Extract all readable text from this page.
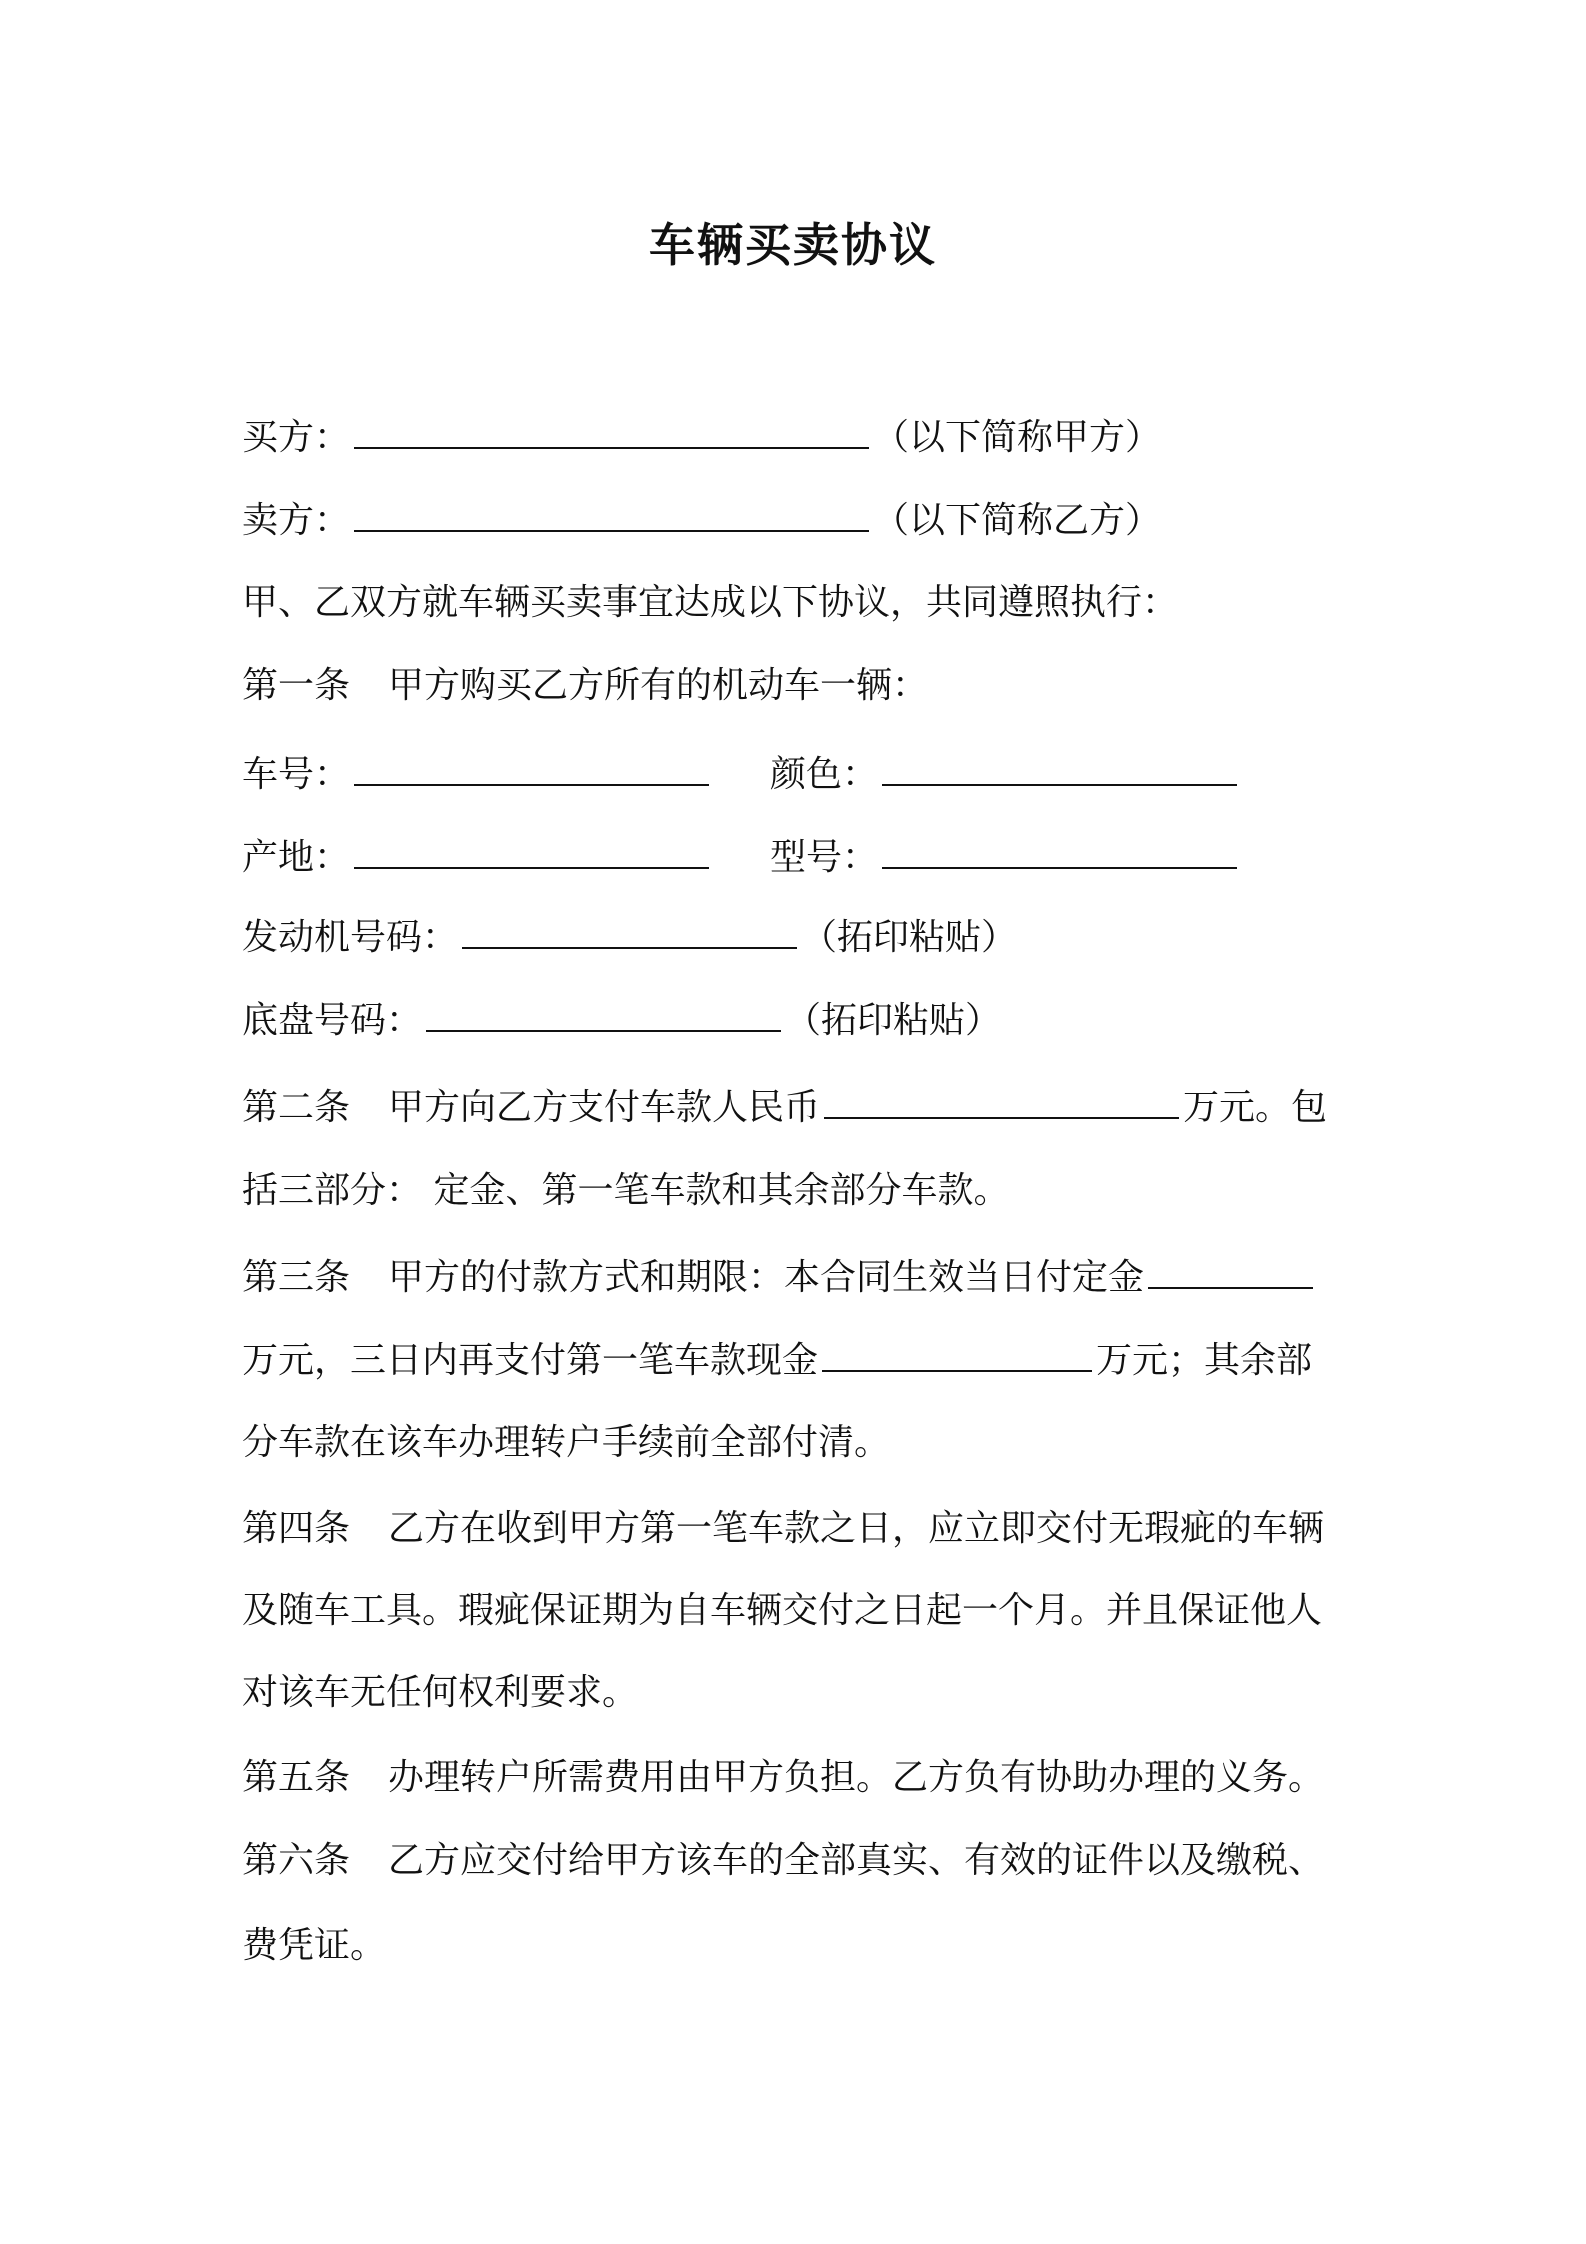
车辆买卖协议
买方：	（以下简称甲方）
卖方：	（以下简称乙方）
甲、乙双方就车辆买卖事宜达成以下协议，共同遵照执行：
第一条 甲方购买乙方所有的机动车一辆：
车号：	颜色：
产地：	型号：
发动机号码：	（拓印粘贴）
底盘号码：	（拓印粘贴）
第二条 甲方向乙方支付车款人民币	万元。包
括三部分： 定金、第一笔车款和其余部分车款。
第三条 甲方的付款方式和期限：本合同生效当日付定金
万元，三日内再支付第一笔车款现金	万元；其余部
分车款在该车办理转户手续前全部付清。
第四条 乙方在收到甲方第一笔车款之日，应立即交付无瑕疵的车辆
及随车工具。瑕疵保证期为自车辆交付之日起一个月。并且保证他人
对该车无任何权利要求。
第五条 办理转户所需费用由甲方负担。乙方负有协助办理的义务。
第六条 乙方应交付给甲方该车的全部真实、有效的证件以及缴税、
费凭证。
